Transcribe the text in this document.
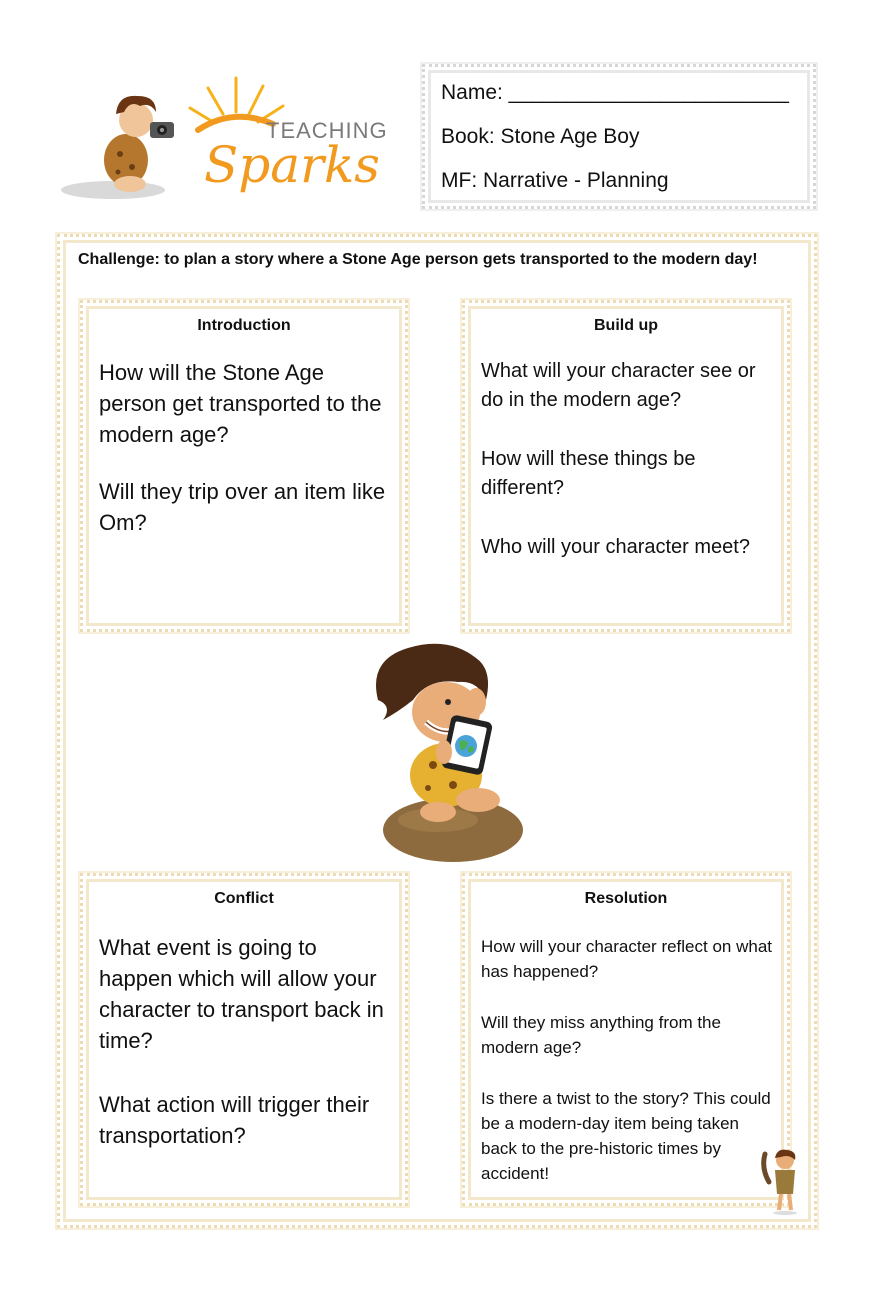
TEACHING
Sparks
Name: ________________________
Book: Stone Age Boy
MF: Narrative - Planning
Challenge: to plan a story where a Stone Age person gets transported to the modern day!
Introduction

How will the Stone Age person get transported to the modern age?

Will they trip over an item like Om?

Build up

What will your character see or do in the modern age?

How will these things be different?

Who will your character meet?

Conflict

What event is going to happen which will allow your character to transport back in time?

What action will trigger their transportation?

Resolution

How will your character reflect on what has happened?

Will they miss anything from the modern age?

Is there a twist to the story? This could be a modern-day item being taken back to the pre-historic times by accident!
